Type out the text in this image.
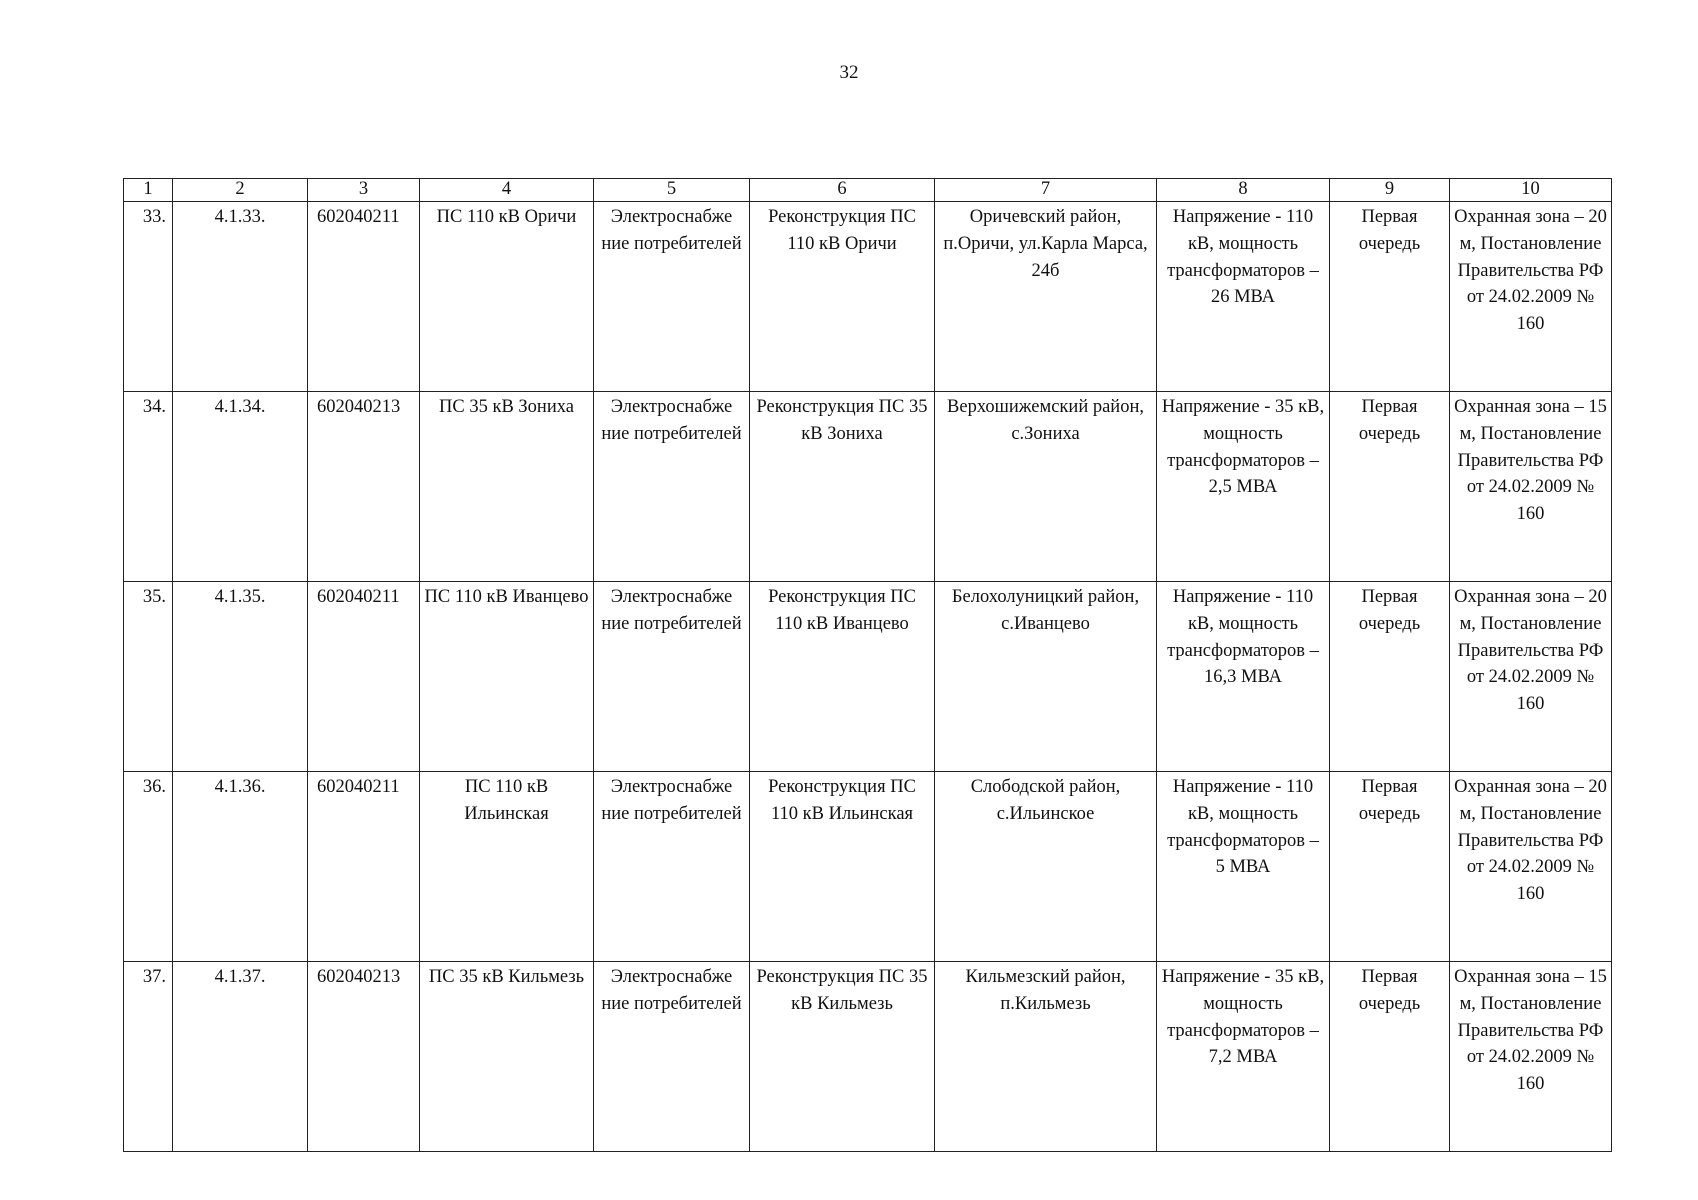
32
1	2	3	4	5	6	7	8	9	10
33.	4.1.33.	602040211	ПС 110 кВ Оричи	Электроснабже ние потребителей	Реконструкция ПС 110 кВ Оричи	Оричевский район, п.Оричи, ул.Карла Марса, 24б	Напряжение - 110 кВ, мощность трансформаторов – 26 МВА	Первая очередь	Охранная зона – 20 м, Постановление Правительства РФ от 24.02.2009 № 160
34.	4.1.34.	602040213	ПС 35 кВ Зониха	Электроснабже ние потребителей	Реконструкция ПС 35 кВ Зониха	Верхошижемский район, с.Зониха	Напряжение - 35 кВ, мощность трансформаторов – 2,5 МВА	Первая очередь	Охранная зона – 15 м, Постановление Правительства РФ от 24.02.2009 № 160
35.	4.1.35.	602040211	ПС 110 кВ Иванцево	Электроснабже ние потребителей	Реконструкция ПС 110 кВ Иванцево	Белохолуницкий район, с.Иванцево	Напряжение - 110 кВ, мощность трансформаторов – 16,3 МВА	Первая очередь	Охранная зона – 20 м, Постановление Правительства РФ от 24.02.2009 № 160
36.	4.1.36.	602040211	ПС 110 кВ Ильинская	Электроснабже ние потребителей	Реконструкция ПС 110 кВ Ильинская	Слободской район, с.Ильинское	Напряжение - 110 кВ, мощность трансформаторов – 5 МВА	Первая очередь	Охранная зона – 20 м, Постановление Правительства РФ от 24.02.2009 № 160
37.	4.1.37.	602040213	ПС 35 кВ Кильмезь	Электроснабже ние потребителей	Реконструкция ПС 35 кВ Кильмезь	Кильмезский район, п.Кильмезь	Напряжение - 35 кВ, мощность трансформаторов – 7,2 МВА	Первая очередь	Охранная зона – 15 м, Постановление Правительства РФ от 24.02.2009 № 160
